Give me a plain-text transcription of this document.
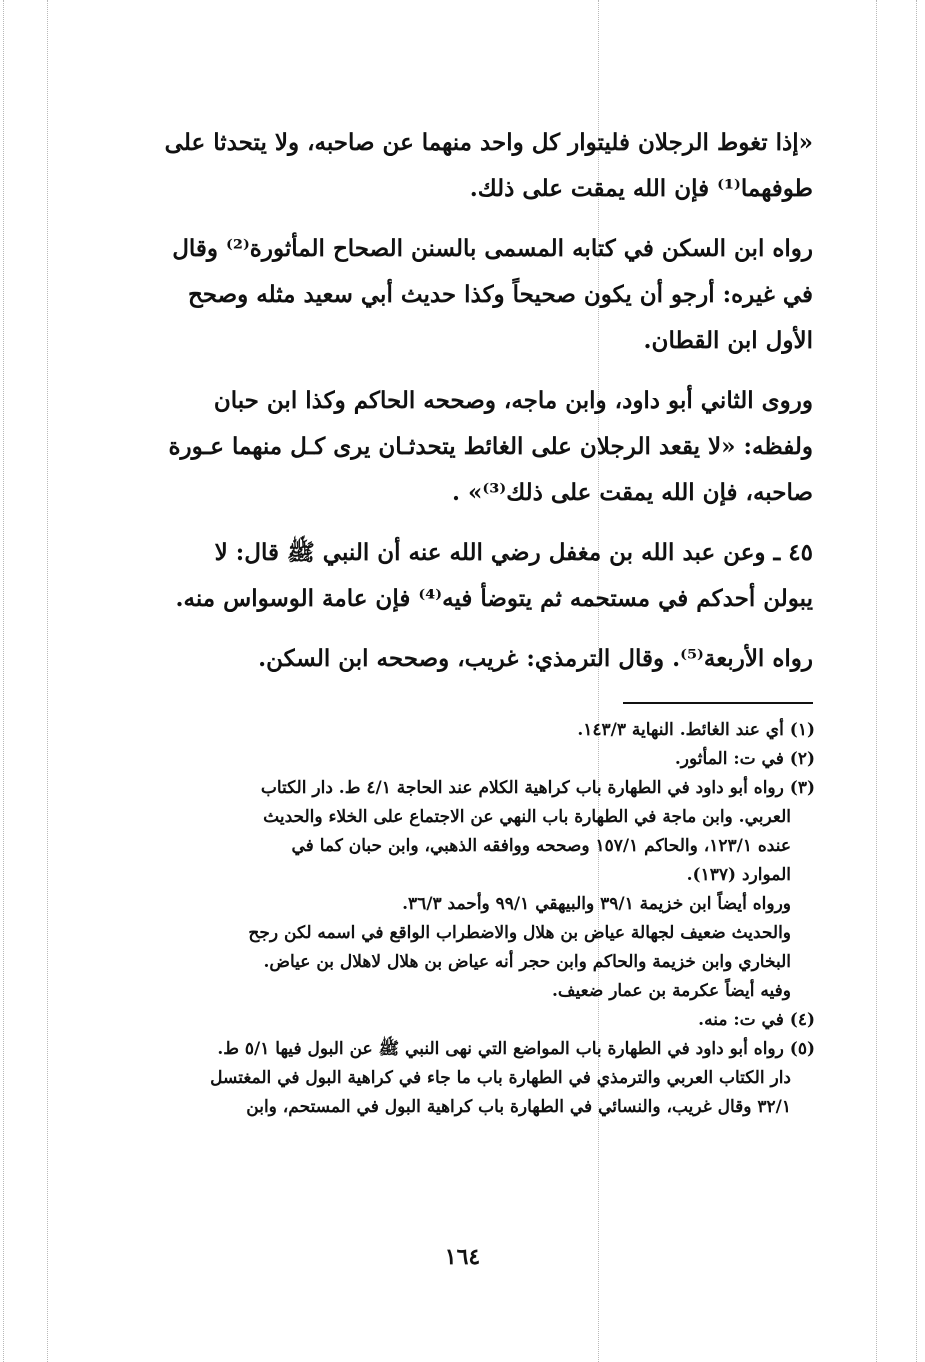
«إذا تغوط الرجلان فليتوار كل واحد منهما عن صاحبه، ولا يتحدثا على
طوفهما⁽¹⁾ فإن الله يمقت على ذلك.

رواه ابن السكن في كتابه المسمى بالسنن الصحاح المأثورة⁽²⁾ وقال
في غيره: أرجو أن يكون صحيحاً وكذا حديث أبي سعيد مثله وصحح
الأول ابن القطان.

وروى الثاني أبو داود، وابن ماجه، وصححه الحاكم وكذا ابن حبان
ولفظه: «لا يقعد الرجلان على الغائط يتحدثـان يرى كـل منهما عـورة
صاحبه، فإن الله يمقت على ذلك⁽³⁾» .

٤٥ ـ وعن عبد الله بن مغفل رضي الله عنه أن النبي ﷺ قال: لا
يبولن أحدكم في مستحمه ثم يتوضأ فيه⁽⁴⁾ فإن عامة الوسواس منه.

رواه الأربعة⁽⁵⁾. وقال الترمذي: غريب، وصححه ابن السكن.

(١) أي عند الغائط. النهاية ١٤٣/٣.

(٢) في ت: المأثور.

(٣) رواه أبو داود في الطهارة باب كراهية الكلام عند الحاجة ٤/١ ط. دار الكتاب
العربي. وابن ماجة في الطهارة باب النهي عن الاجتماع على الخلاء والحديث
عنده ١٢٣/١، والحاكم ١٥٧/١ وصححه ووافقه الذهبي، وابن حبان كما في
الموارد (١٣٧).

ورواه أيضاً ابن خزيمة ٣٩/١ والبيهقي ٩٩/١ وأحمد ٣٦/٣.
والحديث ضعيف لجهالة عياض بن هلال والاضطراب الواقع في اسمه لكن رجح
البخاري وابن خزيمة والحاكم وابن حجر أنه عياض بن هلال لاهلال بن عياض.
وفيه أيضاً عكرمة بن عمار ضعيف.

(٤) في ت: منه.

(٥) رواه أبو داود في الطهارة باب المواضع التي نهى النبي ﷺ عن البول فيها ٥/١ ط.
دار الكتاب العربي والترمذي في الطهارة باب ما جاء في كراهية البول في المغتسل
٣٢/١ وقال غريب، والنسائي في الطهارة باب كراهية البول في المستحم، وابن

١٦٤
